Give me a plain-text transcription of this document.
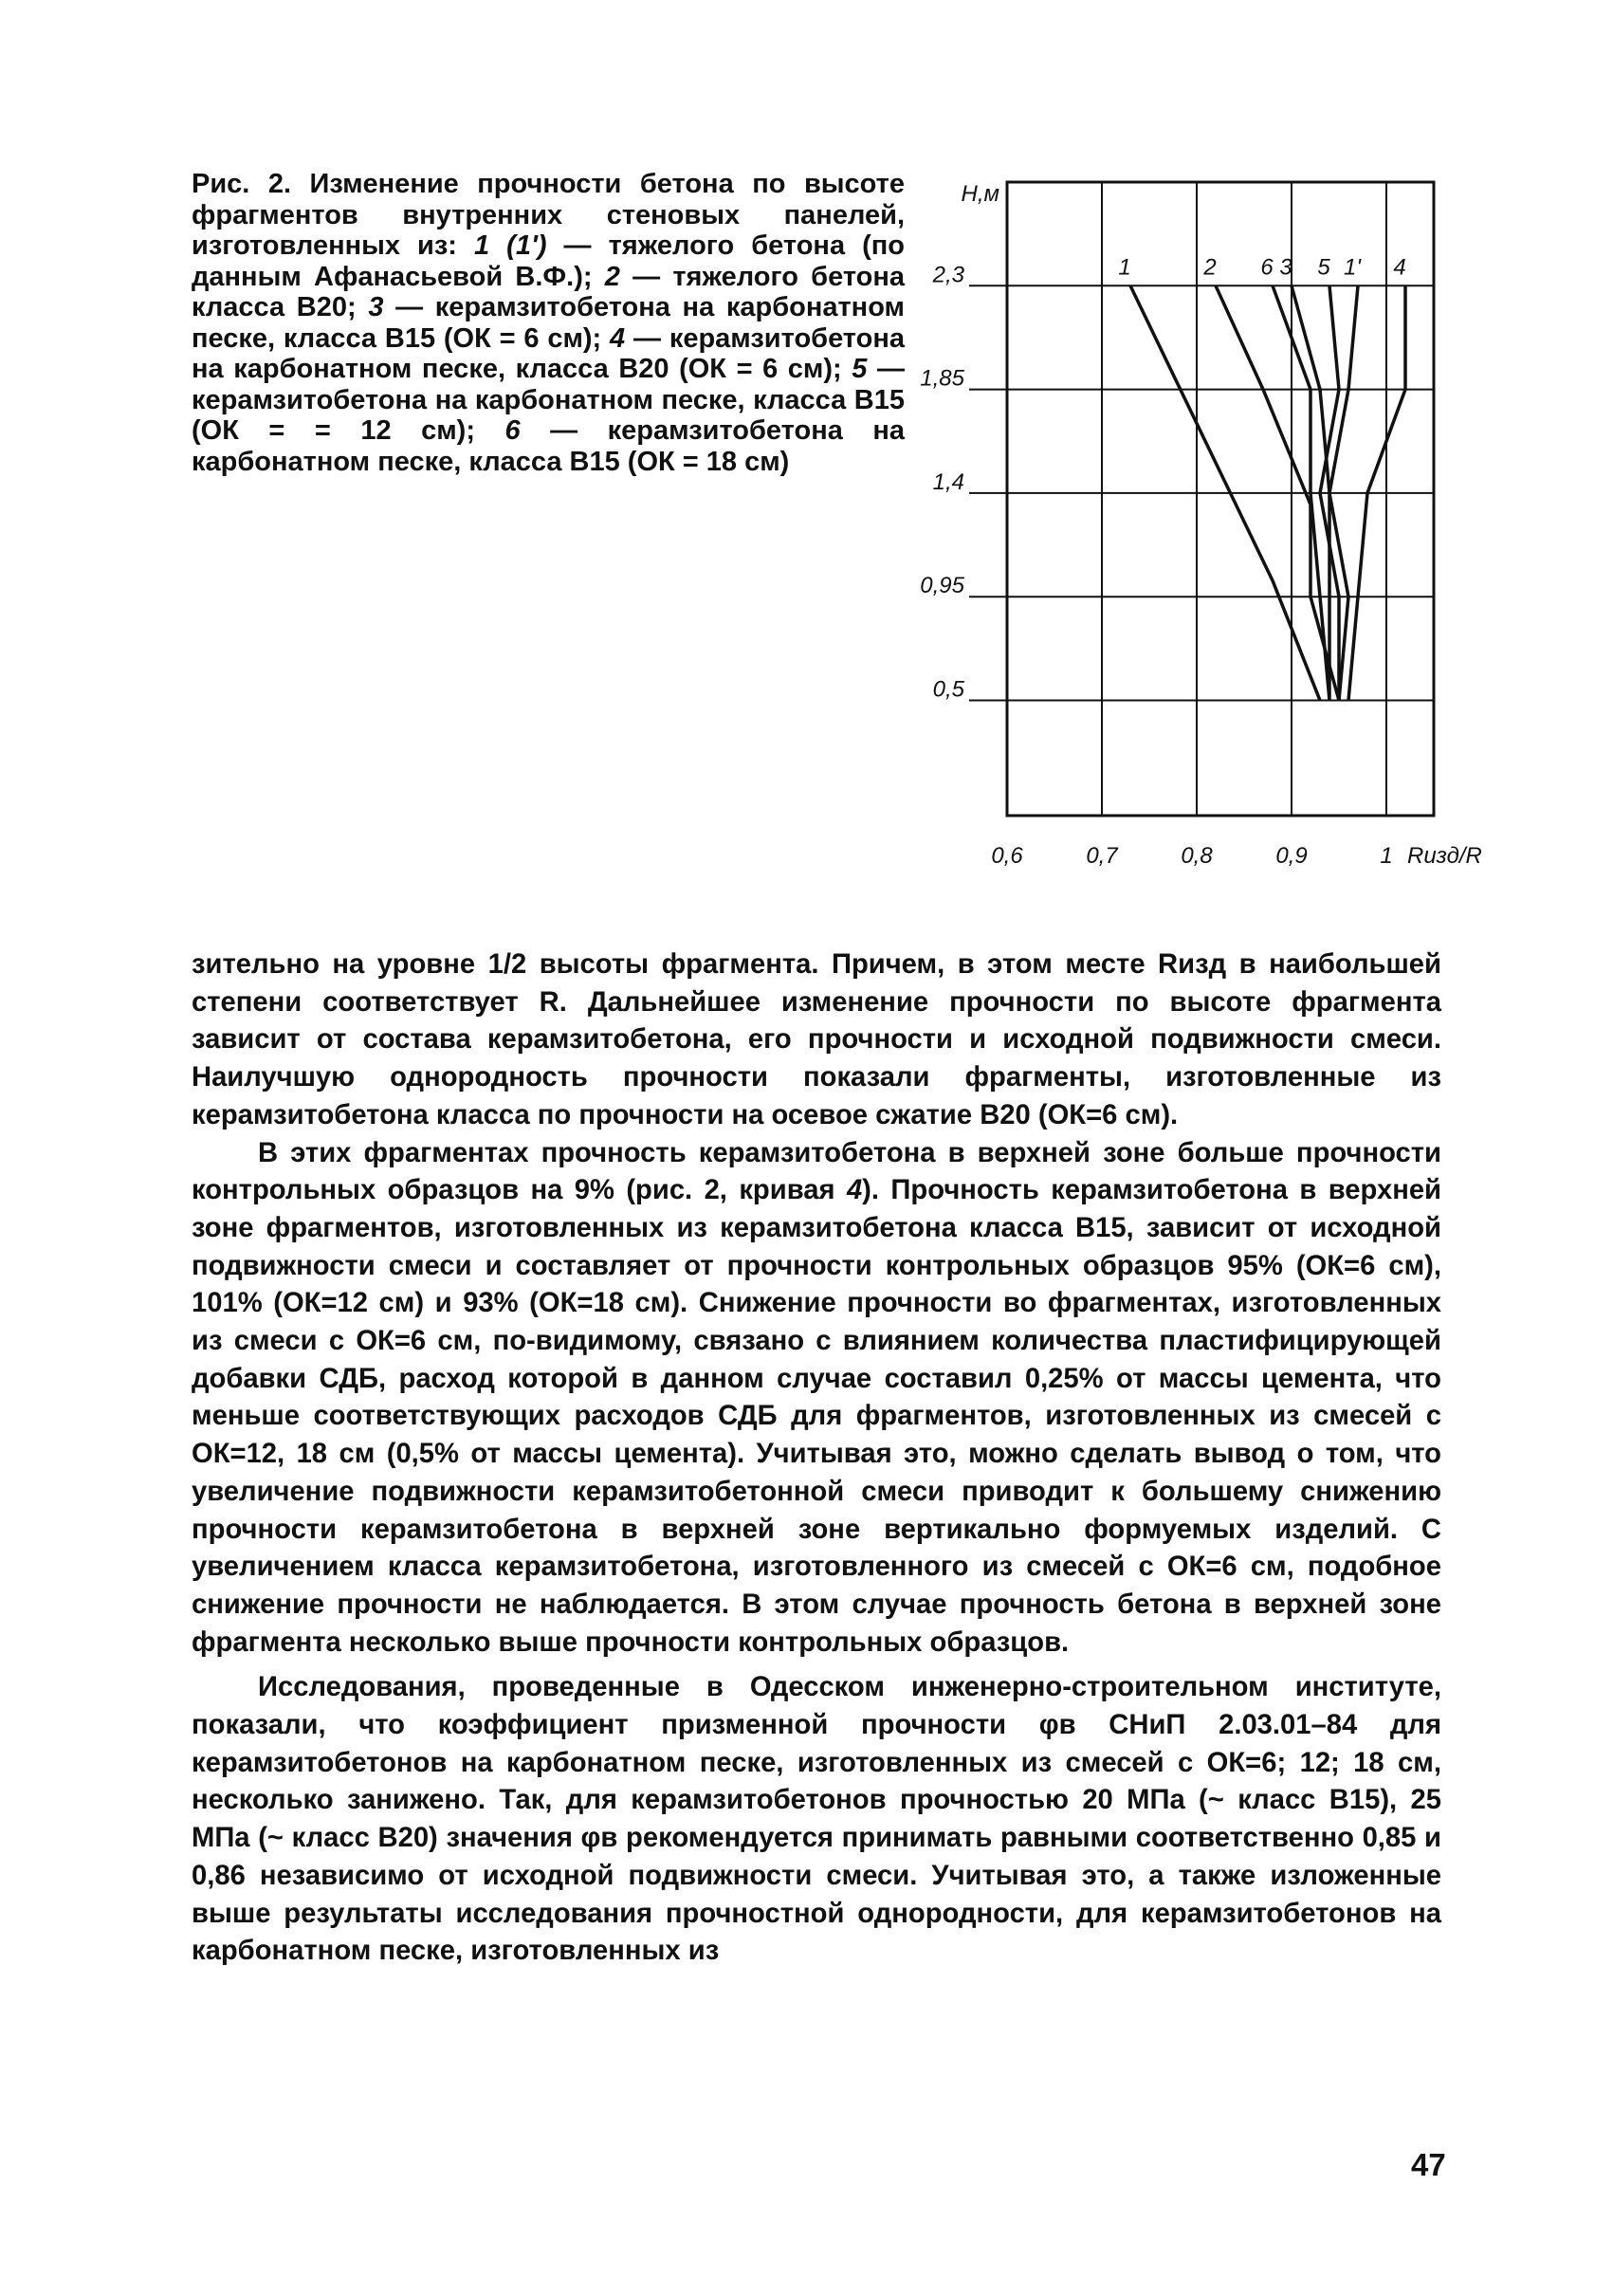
Рис. 2. Изменение прочности бетона по высоте фрагментов внутренних стеновых панелей, изготовленных из: 1 (1') — тяжелого бетона (по данным Афанасьевой В.Ф.); 2 — тяжелого бетона класса В20; 3 — керамзитобетона на карбонатном песке, класса В15 (ОК = 6 см); 4 — керамзитобетона на карбонатном песке, класса В20 (ОК = 6 см); 5 — керамзитобетона на карбонатном песке, класса В15 (ОК = = 12 см); 6 — керамзитобетона на карбонатном песке, класса В15 (ОК = 18 см)
0,6	0,7	0,8	0,9	1
0,5
0,95
1,4
1,85
2,3
Н,м
Rизд/R
1	2 6 3 5 1' 4

зительно на уровне 1/2 высоты фрагмента. Причем, в этом месте Rизд в наибольшей степени соответствует R. Дальнейшее изменение прочности по высоте фрагмента зависит от состава керамзитобетона, его прочности и исходной подвижности смеси. Наилучшую однородность прочности показали фрагменты, изготовленные из керамзитобетона класса по прочности на осевое сжатие В20 (ОК=6 см).

В этих фрагментах прочность керамзитобетона в верхней зоне больше прочности контрольных образцов на 9% (рис. 2, кривая 4). Прочность керамзитобетона в верхней зоне фрагментов, изготовленных из керамзитобетона класса В15, зависит от исходной подвижности смеси и составляет от прочности контрольных образцов 95% (ОК=6 см), 101% (ОК=12 см) и 93% (ОК=18 см). Снижение прочности во фрагментах, изготовленных из смеси с ОК=6 см, по-видимому, связано с влиянием количества пластифицирующей добавки СДБ, расход которой в данном случае составил 0,25% от массы цемента, что меньше соответствующих расходов СДБ для фрагментов, изготовленных из смесей с ОК=12, 18 см (0,5% от массы цемента). Учитывая это, можно сделать вывод о том, что увеличение подвижности керамзитобетонной смеси приводит к большему снижению прочности керамзитобетона в верхней зоне вертикально формуемых изделий. С увеличением класса керамзитобетона, изготовленного из смесей с ОК=6 см, подобное снижение прочности не наблюдается. В этом случае прочность бетона в верхней зоне фрагмента несколько выше прочности контрольных образцов.

Исследования, проведенные в Одесском инженерно-строительном институте, показали, что коэффициент призменной прочности φв СНиП 2.03.01–84 для керамзитобетонов на карбонатном песке, изготовленных из смесей с ОК=6; 12; 18 см, несколько занижено. Так, для керамзитобетонов прочностью 20 МПа (~ класс В15), 25 МПа (~ класс В20) значения φв рекомендуется принимать равными соответственно 0,85 и 0,86 независимо от исходной подвижности смеси. Учитывая это, а также изложенные выше результаты исследования прочностной однородности, для керамзитобетонов на карбонатном песке, изготовленных из

47
